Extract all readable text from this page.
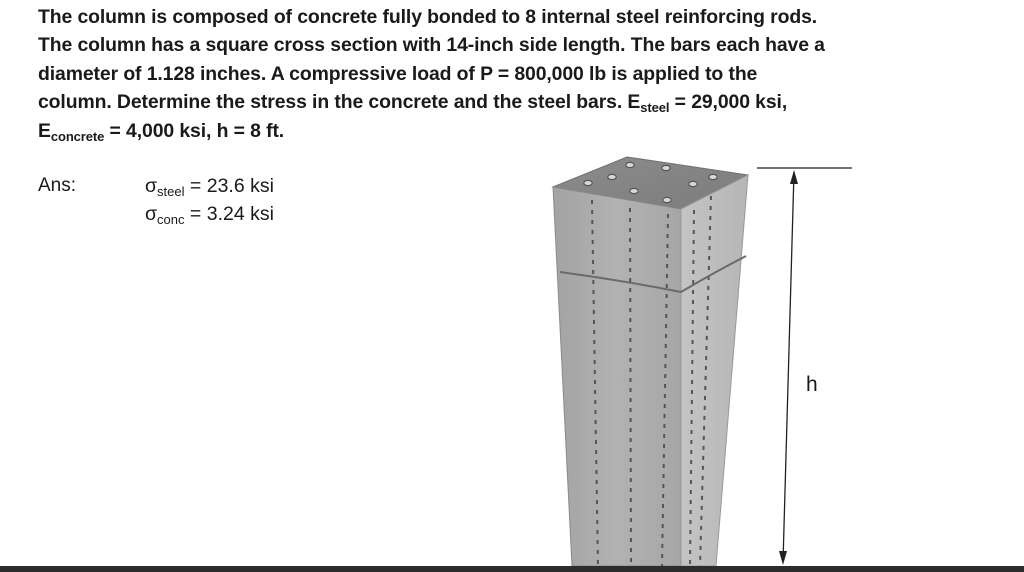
The column is composed of concrete fully bonded to 8 internal steel reinforcing rods.
The column has a square cross section with 14-inch side length. The bars each have a
diameter of 1.128 inches. A compressive load of P = 800,000 lb is applied to the
column. Determine the stress in the concrete and the steel bars. $E_{steel} = 29,000$ ksi,
$E_{concrete} = 4,000$ ksi, h = 8 ft.
Ans:	$\sigma_{steel} = 23.6$ ksi
$\sigma_{conc} = 3.24$ ksi
h
